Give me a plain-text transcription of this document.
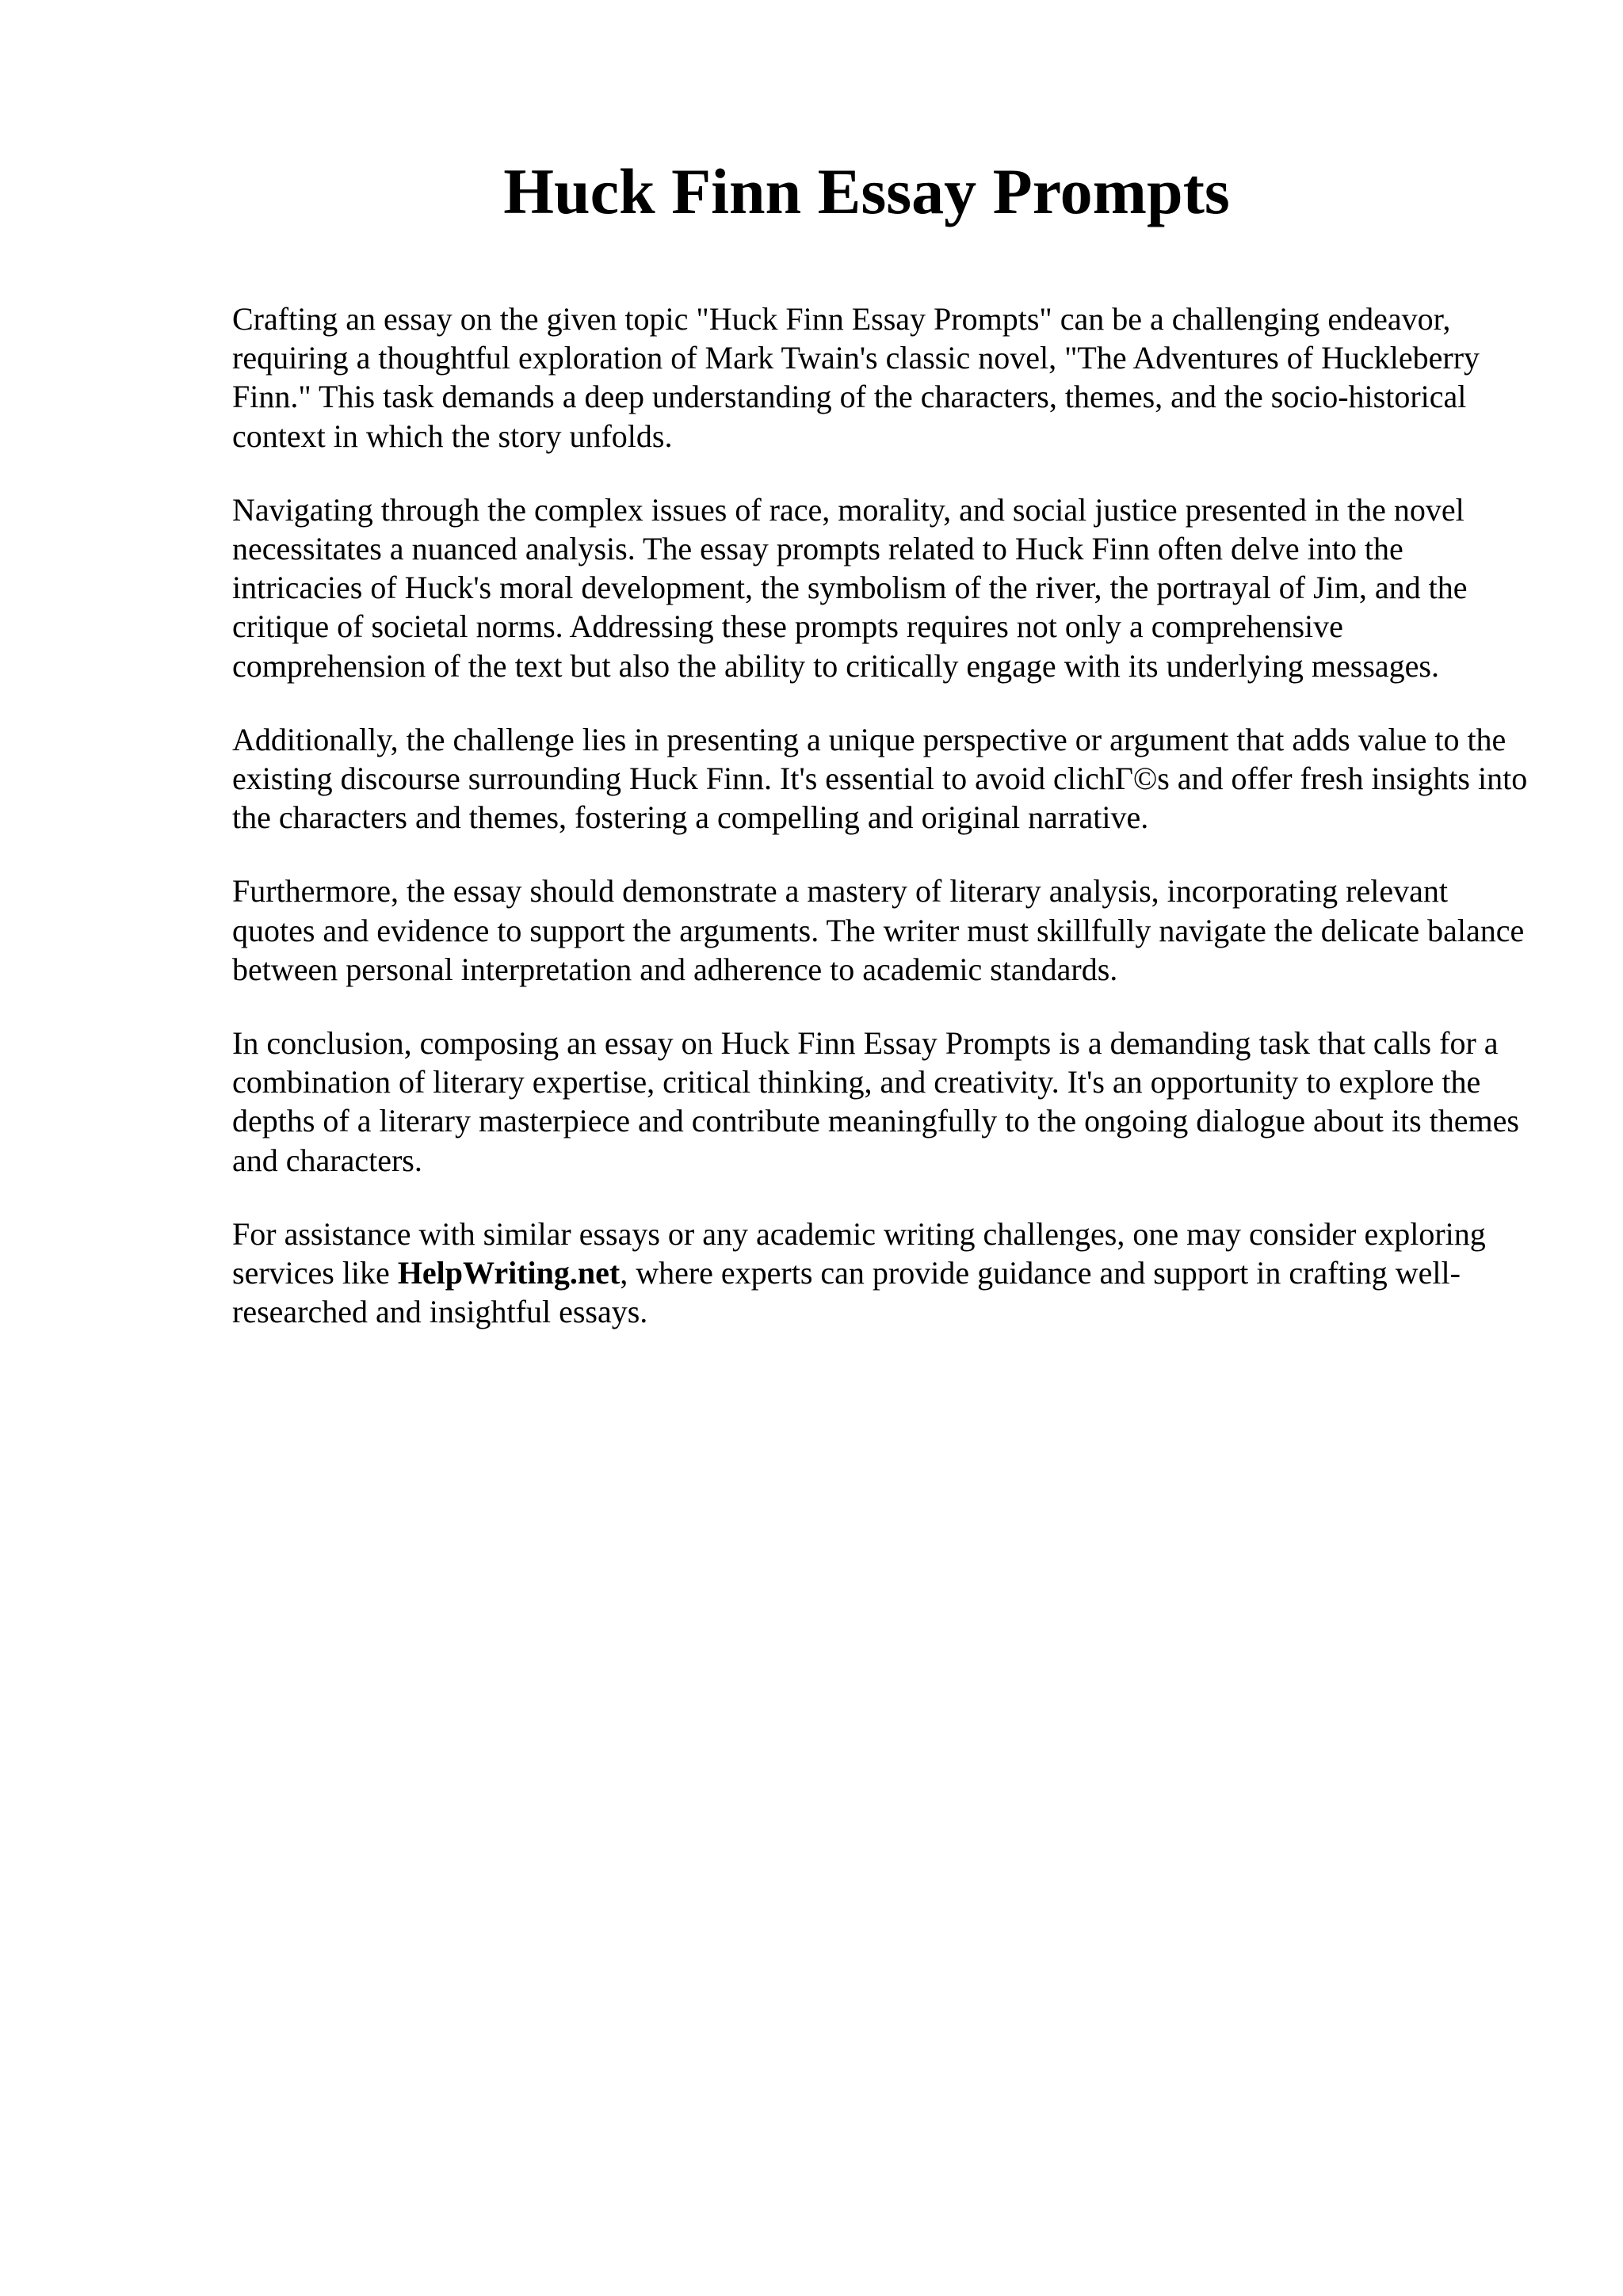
Huck Finn Essay Prompts

Crafting an essay on the given topic "Huck Finn Essay Prompts" can be a challenging endeavor, requiring a thoughtful exploration of Mark Twain's classic novel, "The Adventures of Huckleberry Finn." This task demands a deep understanding of the characters, themes, and the socio-historical context in which the story unfolds.

Navigating through the complex issues of race, morality, and social justice presented in the novel necessitates a nuanced analysis. The essay prompts related to Huck Finn often delve into the intricacies of Huck's moral development, the symbolism of the river, the portrayal of Jim, and the critique of societal norms. Addressing these prompts requires not only a comprehensive comprehension of the text but also the ability to critically engage with its underlying messages.

Additionally, the challenge lies in presenting a unique perspective or argument that adds value to the existing discourse surrounding Huck Finn. It's essential to avoid clichΓ©s and offer fresh insights into the characters and themes, fostering a compelling and original narrative.

Furthermore, the essay should demonstrate a mastery of literary analysis, incorporating relevant quotes and evidence to support the arguments. The writer must skillfully navigate the delicate balance between personal interpretation and adherence to academic standards.

In conclusion, composing an essay on Huck Finn Essay Prompts is a demanding task that calls for a combination of literary expertise, critical thinking, and creativity. It's an opportunity to explore the depths of a literary masterpiece and contribute meaningfully to the ongoing dialogue about its themes and characters.

For assistance with similar essays or any academic writing challenges, one may consider exploring services like HelpWriting.net, where experts can provide guidance and support in crafting well-researched and insightful essays.
